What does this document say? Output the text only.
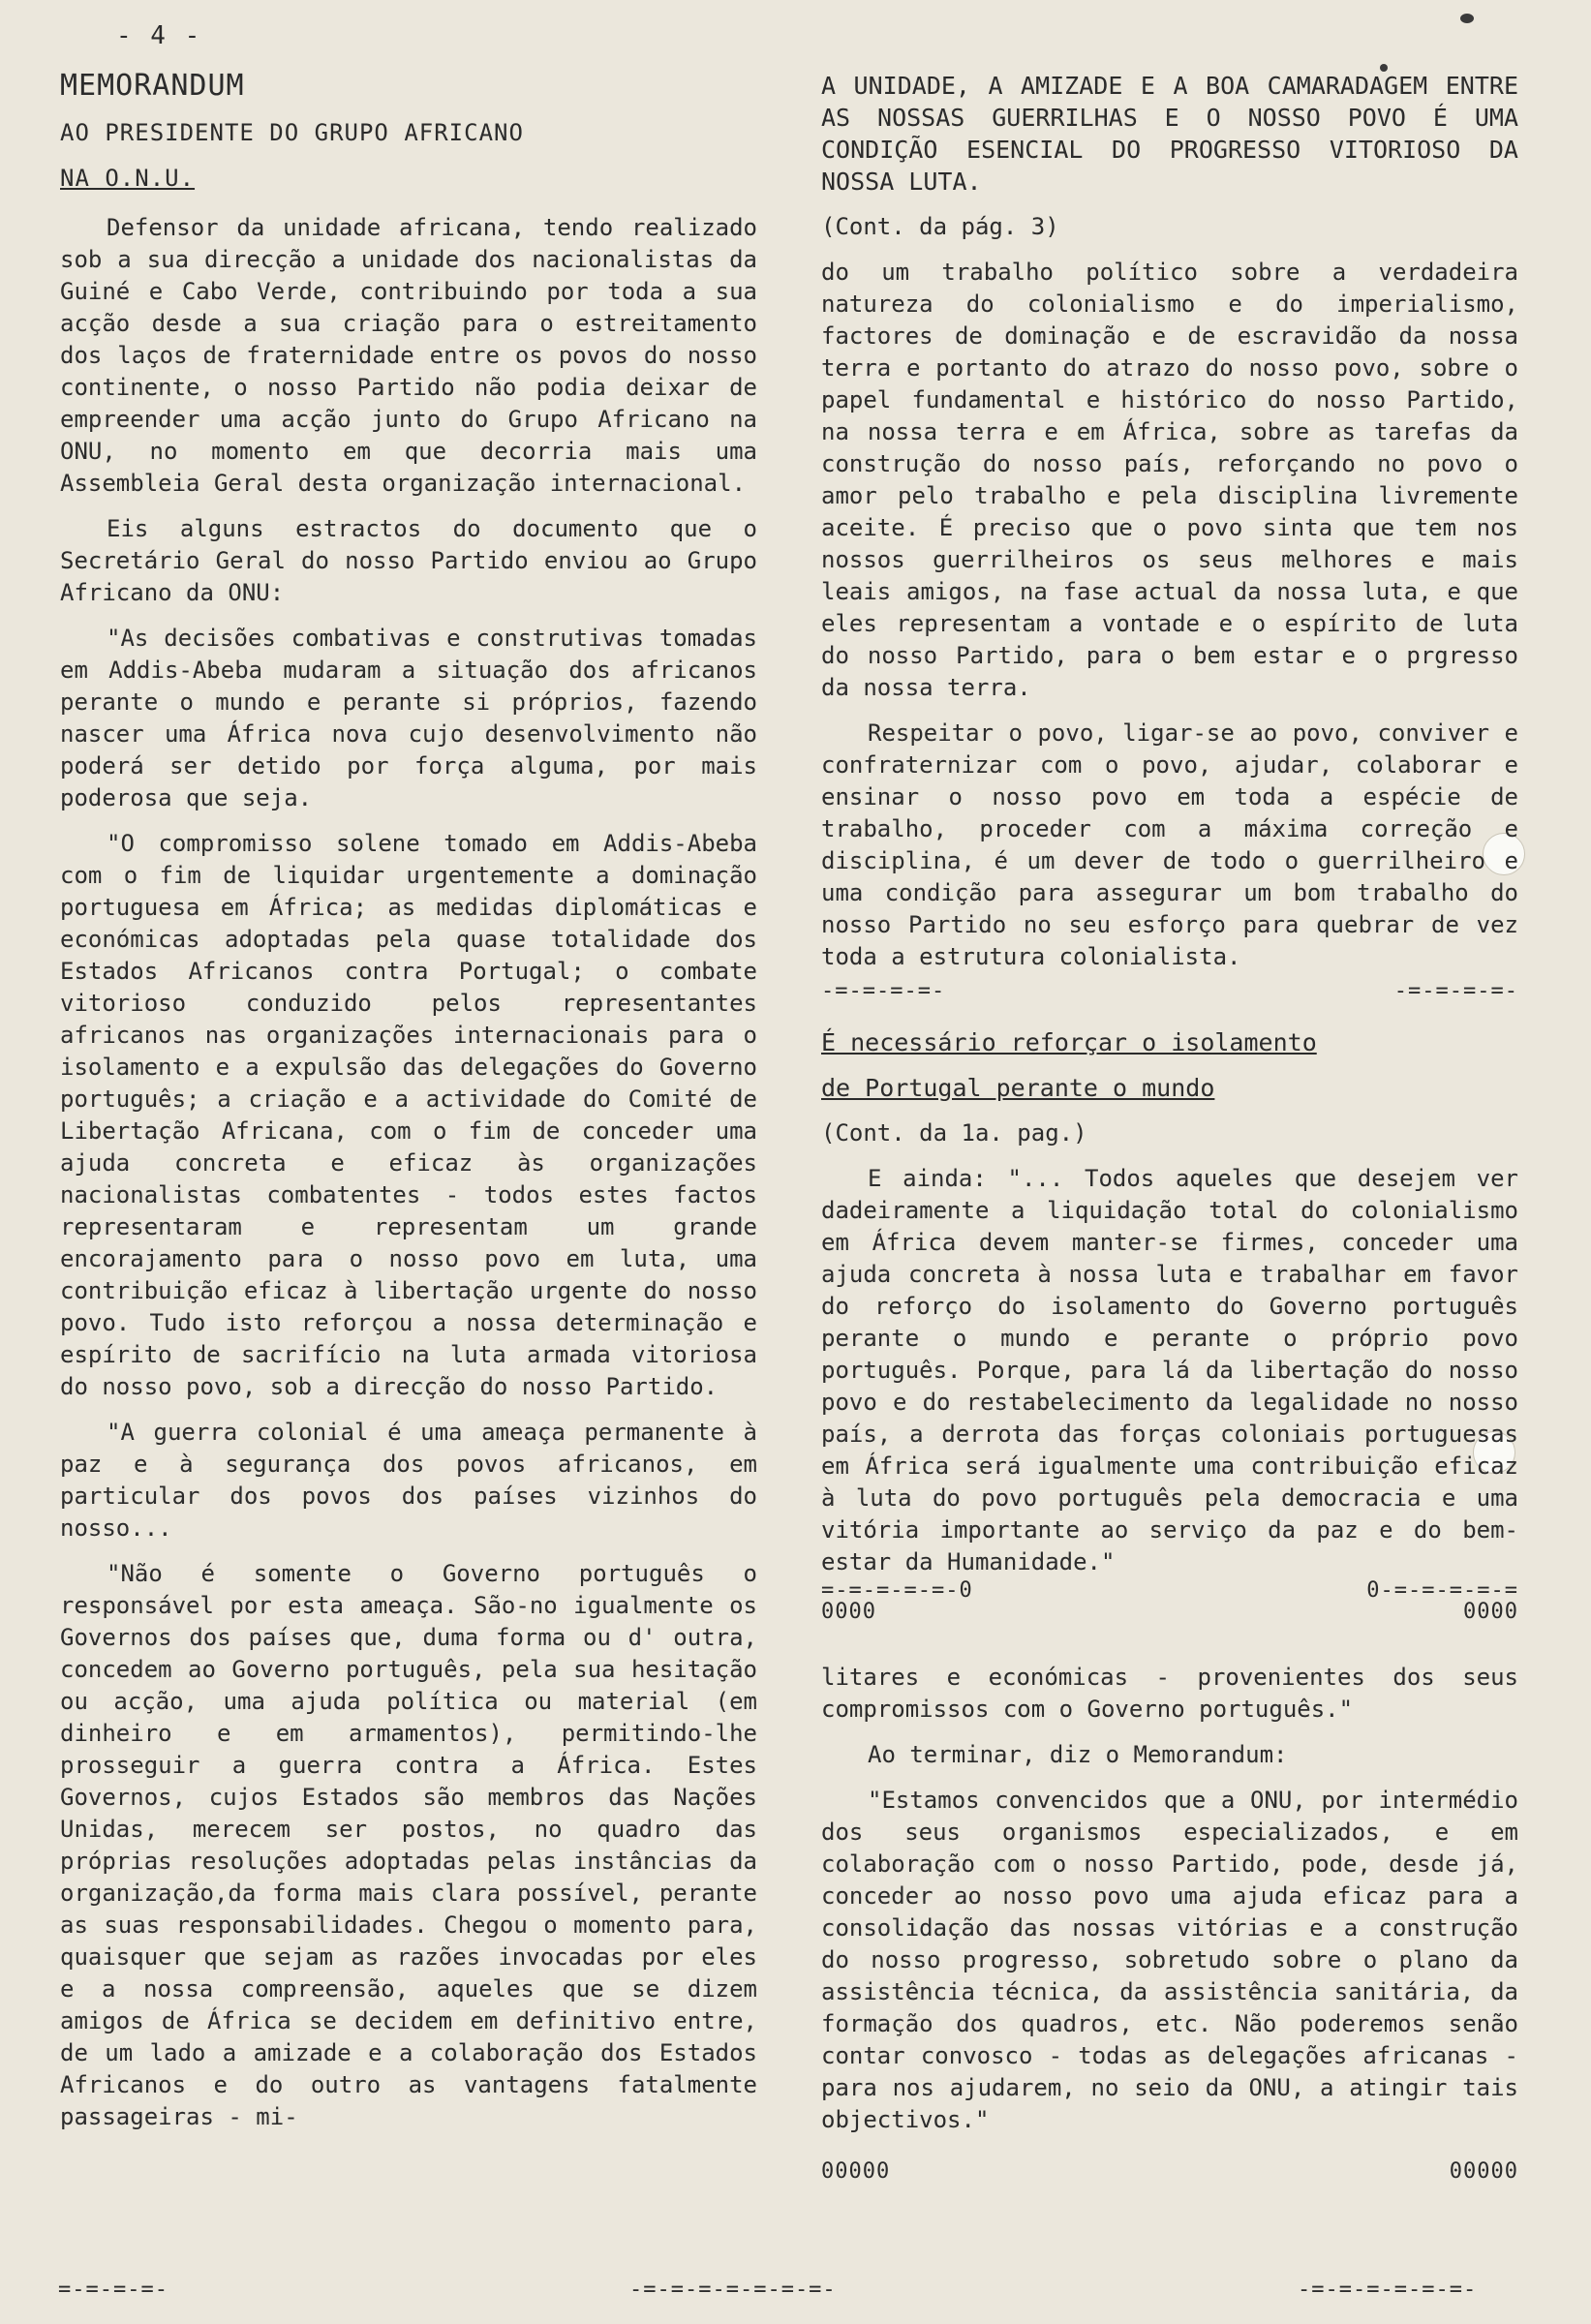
- 4 -

MEMORANDUM

AO PRESIDENTE DO GRUPO AFRICANO

NA O.N.U.

Defensor da unidade africana, tendo realizado sob a sua direcção a unidade dos nacionalistas da Guiné e Cabo Verde, contribuindo por toda a sua acção desde a sua criação para o estreitamento dos laços de fraternidade entre os povos do nosso continente, o nosso Partido não podia deixar de empreender uma acção junto do Grupo Africano na ONU, no momento em que decorria mais uma Assembleia Geral desta organização internacional.

Eis alguns estractos do documento que o Secretário Geral do nosso Partido enviou ao Grupo Africano da ONU:

"As decisões combativas e construtivas tomadas em Addis-Abeba mudaram a situação dos africanos perante o mundo e perante si próprios, fazendo nascer uma África nova cujo desenvolvimento não poderá ser detido por força alguma, por mais poderosa que seja.

"O compromisso solene tomado em Addis-Abeba com o fim de liquidar urgentemente a dominação portuguesa em África; as medidas diplomáticas e económicas adoptadas pela quase totalidade dos Estados Africanos contra Portugal; o combate vitorioso conduzido pelos representantes africanos nas organizações internacionais para o isolamento e a expulsão das delegações do Governo português; a criação e a actividade do Comité de Libertação Africana, com o fim de conceder uma ajuda concreta e eficaz às organizações nacionalistas combatentes - todos estes factos representaram e representam um grande encorajamento para o nosso povo em luta, uma contribuição eficaz à libertação urgente do nosso povo. Tudo isto reforçou a nossa determinação e espírito de sacrifício na luta armada vitoriosa do nosso povo, sob a direcção do nosso Partido.

"A guerra colonial é uma ameaça permanente à paz e à segurança dos povos africanos, em particular dos povos dos países vizinhos do nosso...

"Não é somente o Governo português o responsável por esta ameaça. São-no igualmente os Governos dos países que, duma forma ou d' outra, concedem ao Governo português, pela sua hesitação ou acção, uma ajuda política ou material (em dinheiro e em armamentos), permitindo-lhe prosseguir a guerra contra a África. Estes Governos, cujos Estados são membros das Nações Unidas, merecem ser postos, no quadro das próprias resoluções adoptadas pelas instâncias da organização,da forma mais clara possível, perante as suas responsabilidades. Chegou o momento para, quaisquer que sejam as razões invocadas por eles e a nossa compreensão, aqueles que se dizem amigos de África se decidem em definitivo entre, de um lado a amizade e a colaboração dos Estados Africanos e do outro as vantagens fatalmente passageiras - mi-

A UNIDADE, A AMIZADE E A BOA CAMARADAGEM ENTRE AS NOSSAS GUERRILHAS E O NOSSO POVO É UMA CONDIÇÃO ESENCIAL DO PROGRESSO VITORIOSO DA NOSSA LUTA.

(Cont. da pág. 3)

do um trabalho político sobre a verdadeira natureza do colonialismo e do imperialismo, factores de dominação e de escravidão da nossa terra e portanto do atrazo do nosso povo, sobre o papel fundamental e histórico do nosso Partido, na nossa terra e em África, sobre as tarefas da construção do nosso país, reforçando no povo o amor pelo trabalho e pela disciplina livremente aceite. É preciso que o povo sinta que tem nos nossos guerrilheiros os seus melhores e mais leais amigos, na fase actual da nossa luta, e que eles representam a vontade e o espírito de luta do nosso Partido, para o bem estar e o prgresso da nossa terra.

Respeitar o povo, ligar-se ao povo, conviver e confraternizar com o povo, ajudar, colaborar e ensinar o nosso povo em toda a espécie de trabalho, proceder com a máxima correção e disciplina, é um dever de todo o guerrilheiro e uma condição para assegurar um bom trabalho do nosso Partido no seu esforço para quebrar de vez toda a estrutura colonialista.

-=-=-=-=-	-=-=-=-=-

É necessário reforçar o isolamento

de Portugal perante o mundo

(Cont. da 1a. pag.)

E ainda: "... Todos aqueles que desejem ver dadeiramente a liquidação total do colonialismo em África devem manter-se firmes, conceder uma ajuda concreta à nossa luta e trabalhar em favor do reforço do isolamento do Governo português perante o mundo e perante o próprio povo português. Porque, para lá da libertação do nosso povo e do restabelecimento da legalidade no nosso país, a derrota das forças coloniais portuguesas em África será igualmente uma contribuição eficaz à luta do povo português pela democracia e uma vitória importante ao serviço da paz e do bem-estar da Humanidade."

=-=-=-=-=-0
0000
0-=-=-=-=-=
0000

litares e económicas - provenientes dos seus compromissos com o Governo português."

Ao terminar, diz o Memorandum:

"Estamos convencidos que a ONU, por intermédio dos seus organismos especializados, e em colaboração com o nosso Partido, pode, desde já, conceder ao nosso povo uma ajuda eficaz para a consolidação das nossas vitórias e a construção do nosso progresso, sobretudo sobre o plano da assistência técnica, da assistência sanitária, da formação dos quadros, etc. Não poderemos senão contar convosco - todas as delegações africanas - para nos ajudarem, no seio da ONU, a atingir tais objectivos."

00000	00000
=-=-=-=-	-=-=-=-=-=-=-=-	-=-=-=-=-=-=-
